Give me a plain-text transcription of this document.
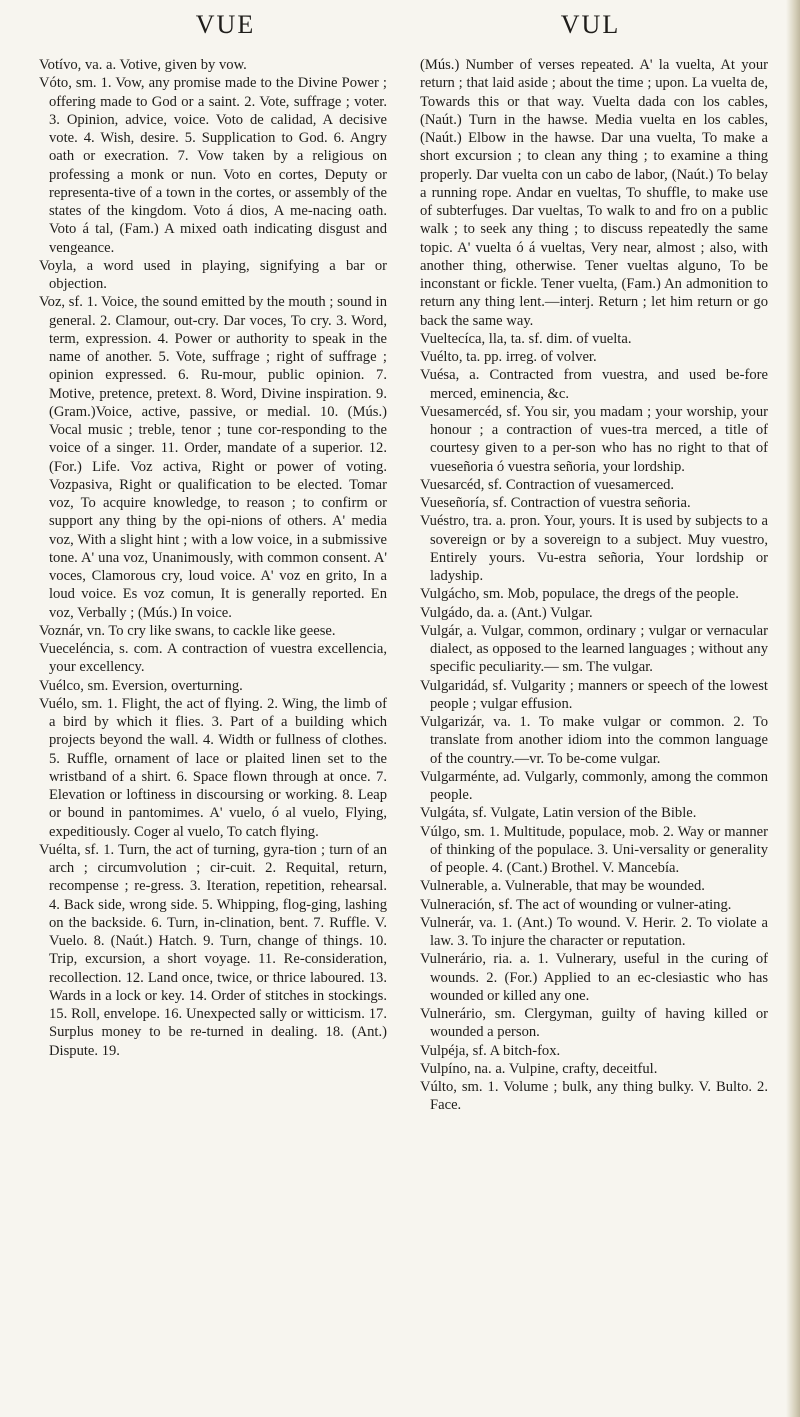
VUE	VUL

Votívo, va. a. Votive, given by vow.

Vóto, sm. 1. Vow, any promise made to the Divine Power ; offering made to God or a saint. 2. Vote, suffrage ; voter. 3. Opinion, advice, voice. Voto de calidad, A decisive vote. 4. Wish, desire. 5. Supplication to God. 6. Angry oath or execration. 7. Vow taken by a religious on professing a monk or nun. Voto en cortes, Deputy or representa-tive of a town in the cortes, or assembly of the states of the kingdom. Voto á dios, A me-nacing oath. Voto á tal, (Fam.) A mixed oath indicating disgust and vengeance.

Voyla, a word used in playing, signifying a bar or objection.

Voz, sf. 1. Voice, the sound emitted by the mouth ; sound in general. 2. Clamour, out-cry. Dar voces, To cry. 3. Word, term, expression. 4. Power or authority to speak in the name of another. 5. Vote, suffrage ; right of suffrage ; opinion expressed. 6. Ru-mour, public opinion. 7. Motive, pretence, pretext. 8. Word, Divine inspiration. 9. (Gram.)Voice, active, passive, or medial. 10. (Mús.) Vocal music ; treble, tenor ; tune cor-responding to the voice of a singer. 11. Order, mandate of a superior. 12. (For.) Life. Voz activa, Right or power of voting. Vozpasiva, Right or qualification to be elected. Tomar voz, To acquire knowledge, to reason ; to confirm or support any thing by the opi-nions of others. A' media voz, With a slight hint ; with a low voice, in a submissive tone. A' una voz, Unanimously, with common consent. A' voces, Clamorous cry, loud voice. A' voz en grito, In a loud voice. Es voz comun, It is generally reported. En voz, Verbally ; (Mús.) In voice.

Voznár, vn. To cry like swans, to cackle like geese.

Vueceléncia, s. com. A contraction of vuestra excellencia, your excellency.

Vuélco, sm. Eversion, overturning.

Vuélo, sm. 1. Flight, the act of flying. 2. Wing, the limb of a bird by which it flies. 3. Part of a building which projects beyond the wall. 4. Width or fullness of clothes. 5. Ruffle, ornament of lace or plaited linen set to the wristband of a shirt. 6. Space flown through at once. 7. Elevation or loftiness in discoursing or working. 8. Leap or bound in pantomimes. A' vuelo, ó al vuelo, Flying, expeditiously. Coger al vuelo, To catch flying.

Vuélta, sf. 1. Turn, the act of turning, gyra-tion ; turn of an arch ; circumvolution ; cir-cuit. 2. Requital, return, recompense ; re-gress. 3. Iteration, repetition, rehearsal. 4. Back side, wrong side. 5. Whipping, flog-ging, lashing on the backside. 6. Turn, in-clination, bent. 7. Ruffle. V. Vuelo. 8. (Naút.) Hatch. 9. Turn, change of things. 10. Trip, excursion, a short voyage. 11. Re-consideration, recollection. 12. Land once, twice, or thrice laboured. 13. Wards in a lock or key. 14. Order of stitches in stockings. 15. Roll, envelope. 16. Unexpected sally or witticism. 17. Surplus money to be re-turned in dealing. 18. (Ant.) Dispute. 19.

(Mús.) Number of verses repeated. A' la vuelta, At your return ; that laid aside ; about the time ; upon. La vuelta de, Towards this or that way. Vuelta dada con los cables, (Naút.) Turn in the hawse. Media vuelta en los cables, (Naút.) Elbow in the hawse. Dar una vuelta, To make a short excursion ; to clean any thing ; to examine a thing properly. Dar vuelta con un cabo de labor, (Naút.) To belay a running rope. Andar en vueltas, To shuffle, to make use of subterfuges. Dar vueltas, To walk to and fro on a public walk ; to seek any thing ; to discuss repeatedly the same topic. A' vuelta ó á vueltas, Very near, almost ; also, with another thing, otherwise. Tener vueltas alguno, To be inconstant or fickle. Tener vuelta, (Fam.) An admonition to return any thing lent.—interj. Return ; let him return or go back the same way.

Vueltecíca, lla, ta. sf. dim. of vuelta.

Vuélto, ta. pp. irreg. of volver.

Vuésa, a. Contracted from vuestra, and used be-fore merced, eminencia, &c.

Vuesamercéd, sf. You sir, you madam ; your worship, your honour ; a contraction of vues-tra merced, a title of courtesy given to a per-son who has no right to that of vueseñoria ó vuestra señoria, your lordship.

Vuesarcéd, sf. Contraction of vuesamerced.

Vueseñoría, sf. Contraction of vuestra señoria.

Vuéstro, tra. a. pron. Your, yours. It is used by subjects to a sovereign or by a sovereign to a subject. Muy vuestro, Entirely yours. Vu-estra señoria, Your lordship or ladyship.

Vulgácho, sm. Mob, populace, the dregs of the people.

Vulgádo, da. a. (Ant.) Vulgar.

Vulgár, a. Vulgar, common, ordinary ; vulgar or vernacular dialect, as opposed to the learned languages ; without any specific peculiarity.— sm. The vulgar.

Vulgaridád, sf. Vulgarity ; manners or speech of the lowest people ; vulgar effusion.

Vulgarizár, va. 1. To make vulgar or common. 2. To translate from another idiom into the common language of the country.—vr. To be-come vulgar.

Vulgarménte, ad. Vulgarly, commonly, among the common people.

Vulgáta, sf. Vulgate, Latin version of the Bible.

Vúlgo, sm. 1. Multitude, populace, mob. 2. Way or manner of thinking of the populace. 3. Uni-versality or generality of people. 4. (Cant.) Brothel. V. Mancebía.

Vulnerable, a. Vulnerable, that may be wounded.

Vulneración, sf. The act of wounding or vulner-ating.

Vulnerár, va. 1. (Ant.) To wound. V. Herir. 2. To violate a law. 3. To injure the character or reputation.

Vulnerário, ria. a. 1. Vulnerary, useful in the curing of wounds. 2. (For.) Applied to an ec-clesiastic who has wounded or killed any one.

Vulnerário, sm. Clergyman, guilty of having killed or wounded a person.

Vulpéja, sf. A bitch-fox.

Vulpíno, na. a. Vulpine, crafty, deceitful.

Vúlto, sm. 1. Volume ; bulk, any thing bulky. V. Bulto. 2. Face.
